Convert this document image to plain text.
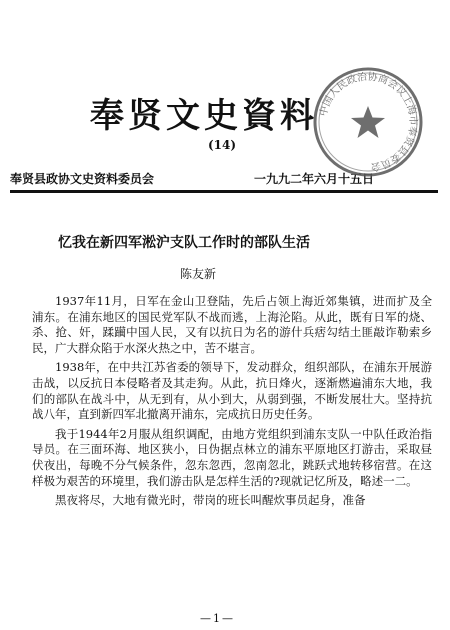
奉贤文史資料
(14)
奉贤县政协文史资料委员会	一九九二年六月十五日
中国人民政治协商会议上海市奉贤县委员会
忆我在新四军淞沪支队工作时的部队生活
陈友新

1937年11月，日军在金山卫登陆，先后占领上海近郊集镇，进而扩及全浦东。在浦东地区的国民党军队不战而逃，上海沦陷。从此，既有日军的烧、杀、抢、奸，蹂躏中国人民，又有以抗日为名的游什兵痞勾结土匪敲诈勒索乡民，广大群众陷于水深火热之中，苦不堪言。

1938年，在中共江苏省委的领导下，发动群众，组织部队，在浦东开展游击战，以反抗日本侵略者及其走狗。从此，抗日烽火，逐渐燃遍浦东大地，我们的部队在战斗中，从无到有，从小到大，从弱到强，不断发展壮大。坚持抗战八年，直到新四军北撤离开浦东，完成抗日历史任务。

我于1944年2月服从组织调配，由地方党组织到浦东支队一中队任政治指导员。在三面环海、地区狭小，日伪据点林立的浦东平原地区打游击，采取昼伏夜出，每晚不分气候条件，忽东忽西，忽南忽北，跳跃式地转移宿营。在这样极为艰苦的环境里，我们游击队是怎样生活的?现就记忆所及，略述一二。

黑夜将尽，大地有微光时，带岗的班长叫醒炊事员起身，准备

—1—
